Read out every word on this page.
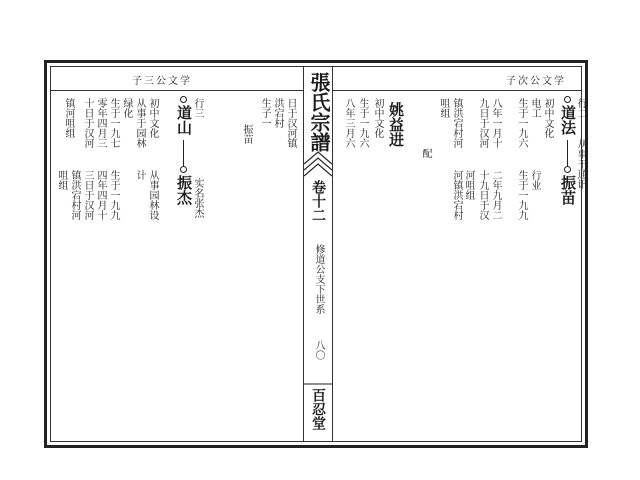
子三公文学	子次公文学
張氏宗譜
卷十二
修道公支下世系
八〇
百忍堂
行二
从事于通讯
道法
振苗
初中文化
电工
行业
生于一九六
生于一九九
八年一月十
二年九月二
九日于汉河
十九日于汉
镇洪宕村河
河镇洪宕村
咀组
河咀组
配
姚益进
初中文化
生于一九六
八年三月六
日于汉河镇
洪宕村
生子一
振苗
行三
实名张杰
道山
振杰
初中文化
从事园林设
从事于园林
计
绿化
生于一九七
生于一九九
零年四月三
四年四月十
十日于汉河
三日于汉河
镇河咀组
镇洪宕村河
咀组
